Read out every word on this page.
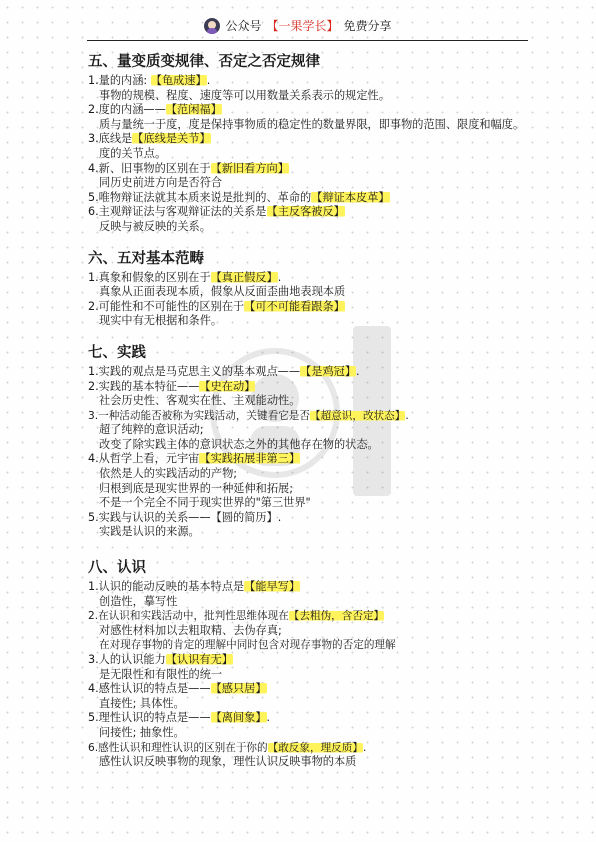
公众号 【一果学长】 免费分享
五、量变质变规律、否定之否定规律
1.量的内涵: 【龟成速】.
事物的规模、程度、速度等可以用数量关系表示的规定性。
2.度的内涵——【范闲福】
质与量统一于度，度是保持事物质的稳定性的数量界限，即事物的范围、限度和幅度。
3.底线是【底线是关节】
度的关节点。
4.新、旧事物的区别在于【新旧看方向】
同历史前进方向是否符合
5.唯物辩证法就其本质来说是批判的、革命的【辩证本皮革】
6.主观辩证法与客观辩证法的关系是【主反客被反】
反映与被反映的关系。
六、五对基本范畴
1.真象和假象的区别在于【真正假反】.
真象从正面表现本质，假象从反面歪曲地表现本质
2.可能性和不可能性的区别在于【可不可能看跟条】
现实中有无根据和条件。
七、实践
1.实践的观点是马克思主义的基本观点——【是鸡冠】.
2.实践的基本特征——【史在动】
社会历史性、客观实在性、主观能动性。
3.一种活动能否被称为实践活动，关键看它是否【超意识，改状态】.
超了纯粹的意识活动;
改变了除实践主体的意识状态之外的其他存在物的状态。
4.从哲学上看，元宇宙【实践拓展非第三】
依然是人的实践活动的产物;
归根到底是现实世界的一种延伸和拓展;
不是一个完全不同于现实世界的"第三世界"
5.实践与认识的关系——【圆的简历】.
实践是认识的来源。
八、认识
1.认识的能动反映的基本特点是【能早写】
创造性，摹写性
2.在认识和实践活动中，批判性思维体现在【去粗伪，含否定】
对感性材料加以去粗取精、去伪存真;
在对现存事物的肯定的理解中同时包含对现存事物的否定的理解
3.人的认识能力【认识有无】
是无限性和有限性的统一
4.感性认识的特点是——【感只居】
直接性; 具体性。
5.理性认识的特点是——【离间象】.
问接性; 抽象性。
6.感性认识和理性认识的区别在于你的【敢反象，理反质】.
感性认识反映事物的现象，理性认识反映事物的本质
